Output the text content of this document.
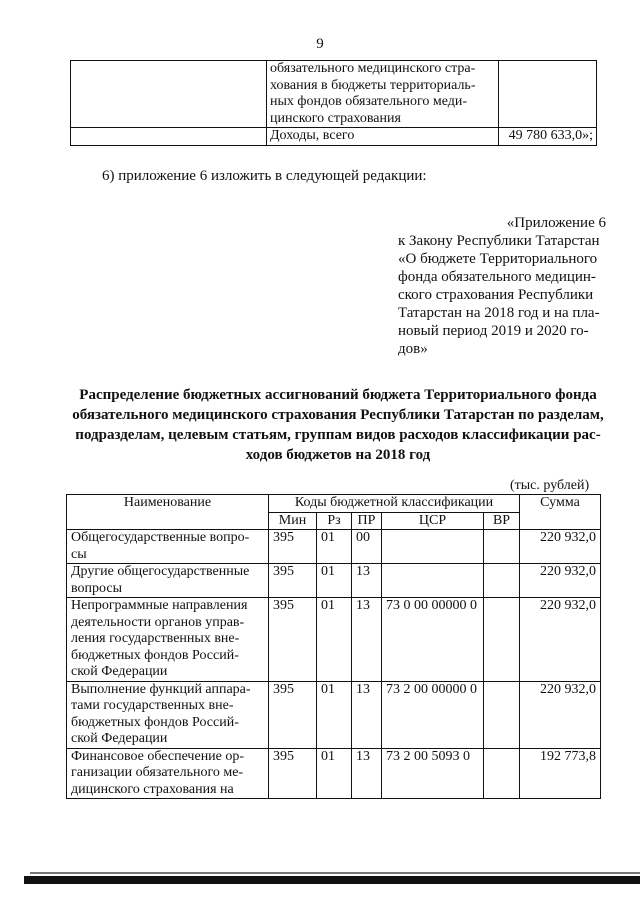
9

	обязательного медицинского стра-
хования в бюджеты территориаль-
ных фондов обязательного меди-
цинского страхования	

	Доходы, всего	49 780 633,0»;
6) приложение 6 изложить в следующей редакции:
«Приложение 6
к Закону Республики Татарстан
«О бюджете Территориального
фонда обязательного медицин-
ского страхования Республики
Татарстан на 2018 год и на пла-
новый период 2019 и 2020 го-
дов»
Распределение бюджетных ассигнований бюджета Территориального фонда
обязательного медицинского страхования Республики Татарстан по разделам,
подразделам, целевым статьям, группам видов расходов классификации рас-
ходов бюджетов на 2018 год
(тыс. рублей)
Наименование	Коды бюджетной классификации					Сумма
	Мин	Рз	ПР	ЦСР	ВР	

Общегосударственные вопро-
сы	395	01	00			220 932,0

Другие общегосударственные
вопросы	395	01	13			220 932,0

Непрограммные направления
деятельности органов управ-
ления государственных вне-
бюджетных фондов Россий-
ской Федерации	395	01	13	73 0 00 00000 0		220 932,0

Выполнение функций аппара-
тами государственных вне-
бюджетных фондов Россий-
ской Федерации	395	01	13	73 2 00 00000 0		220 932,0

Финансовое обеспечение ор-
ганизации обязательного ме-
дицинского страхования на	395	01	13	73 2 00 5093 0		192 773,8
